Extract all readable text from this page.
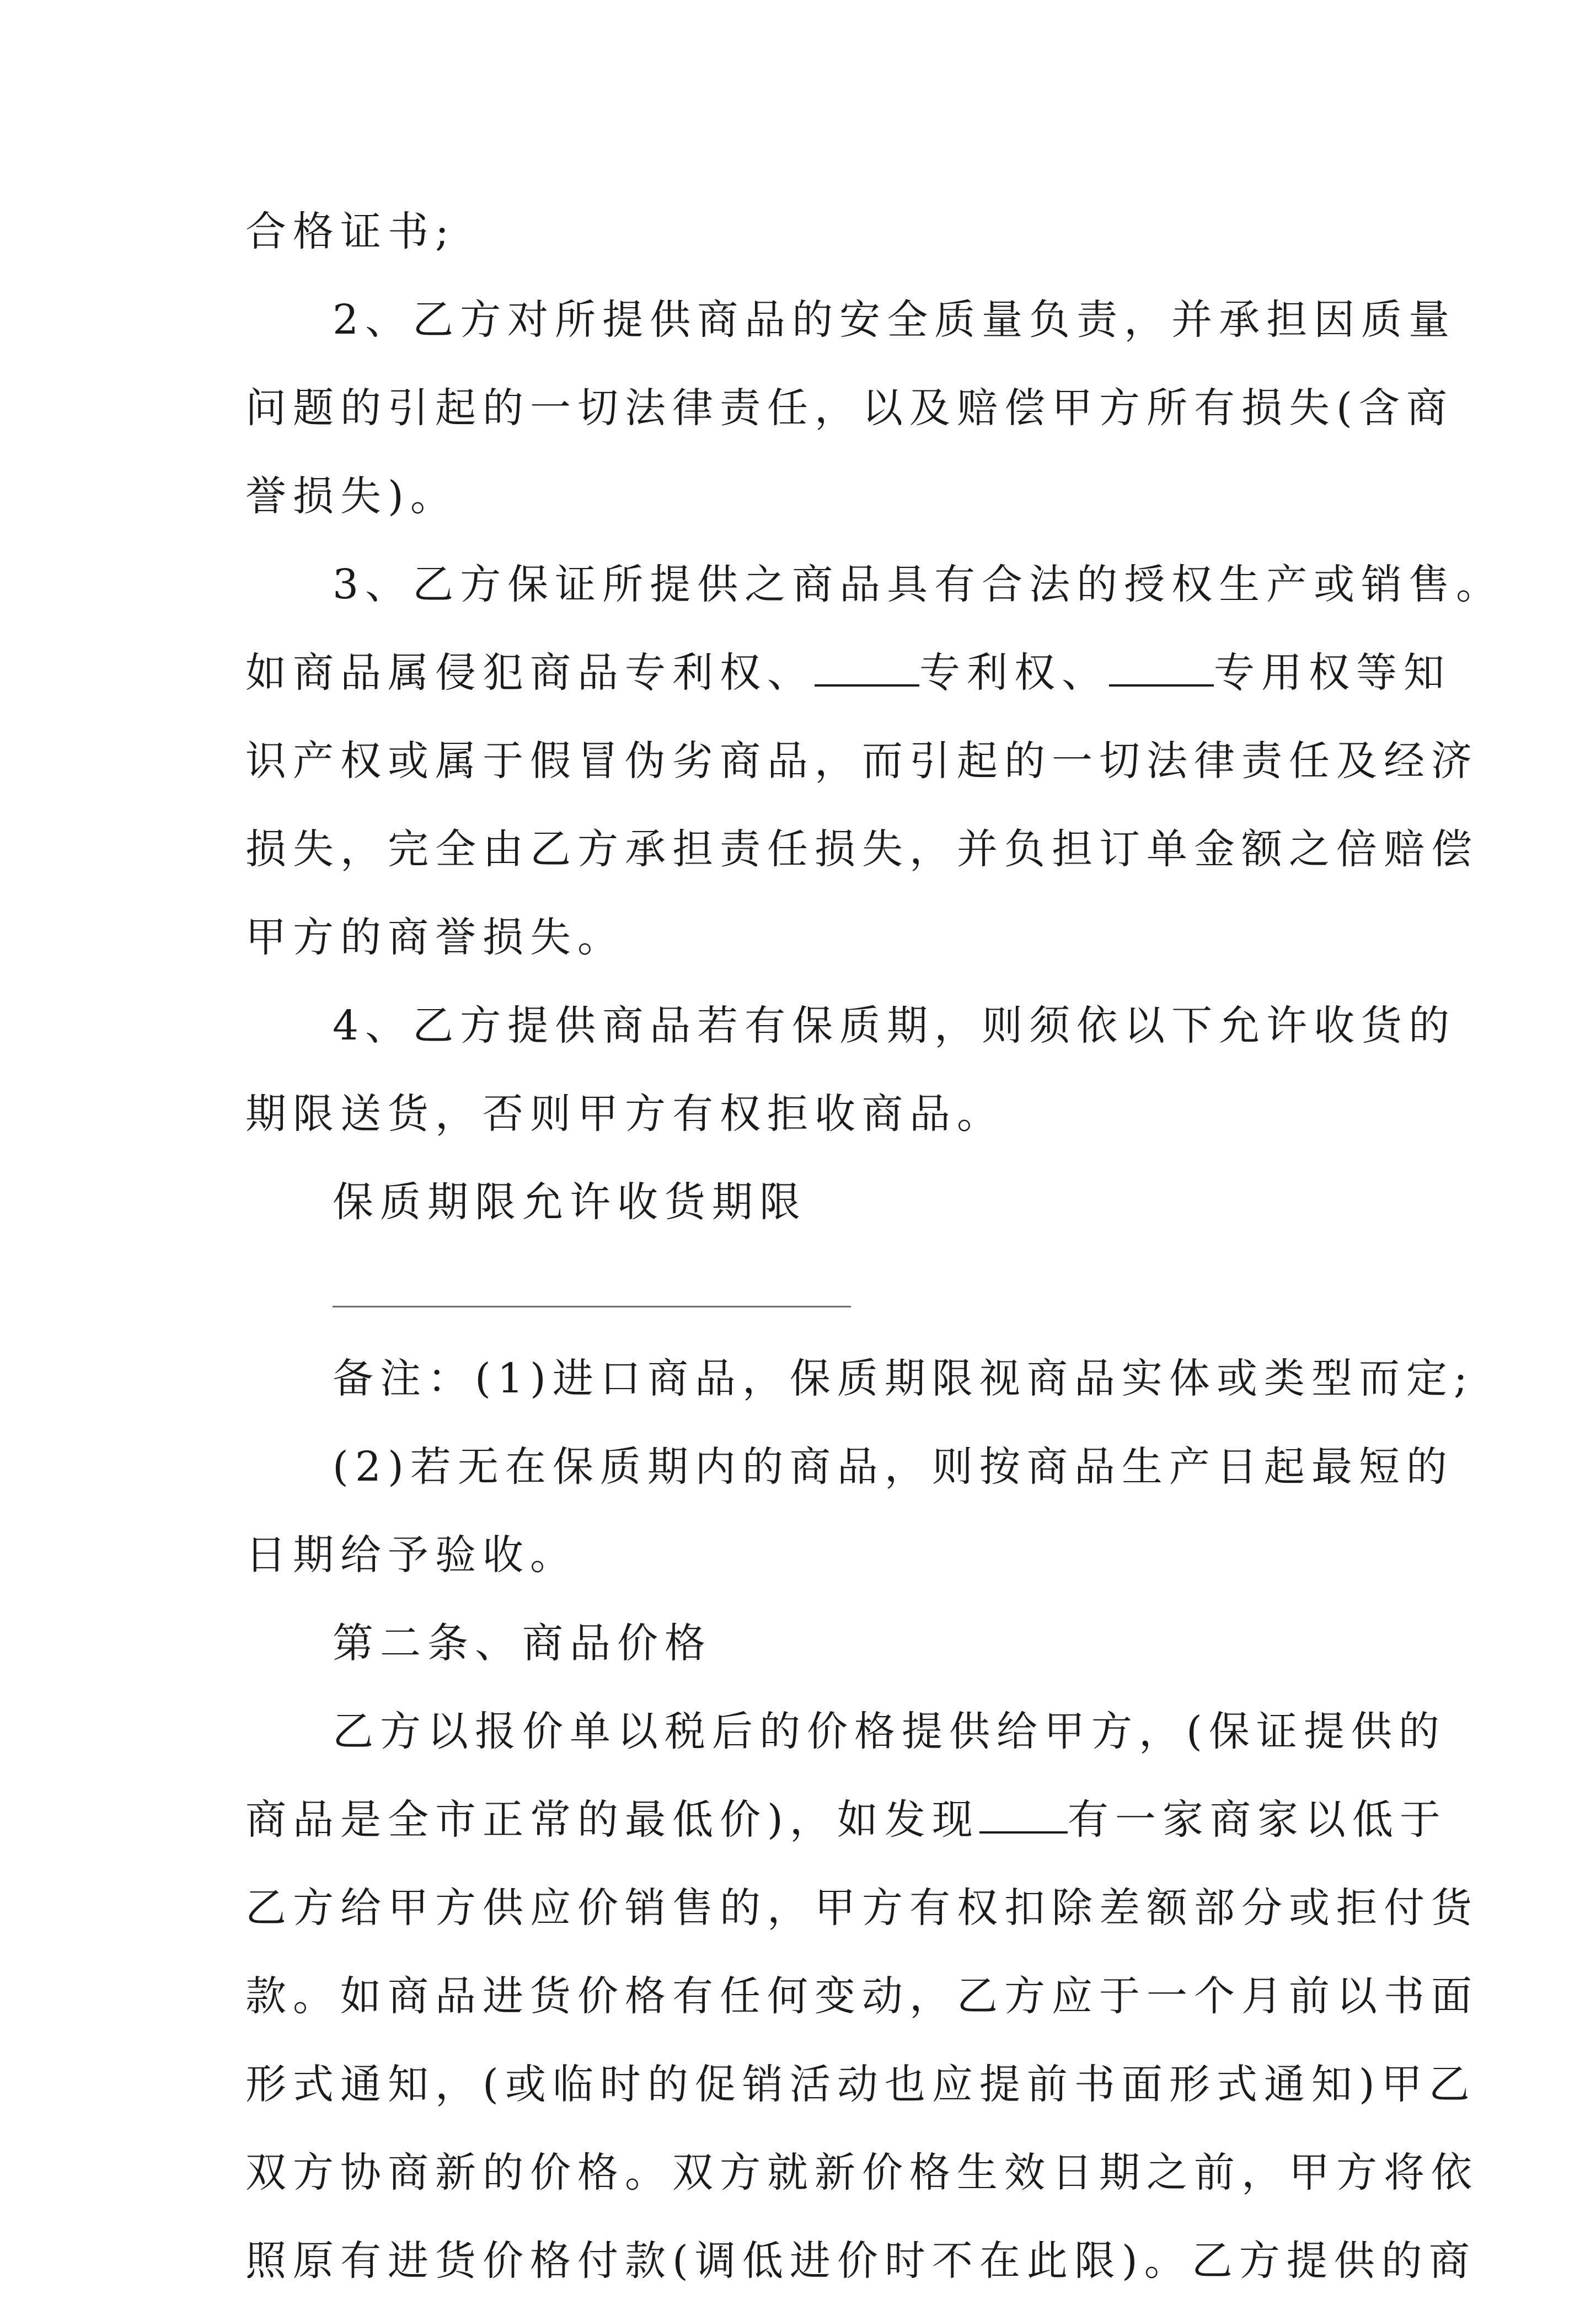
合格证书;

2、乙方对所提供商品的安全质量负责，并承担因质量

问题的引起的一切法律责任，以及赔偿甲方所有损失(含商

誉损失)。

3、乙方保证所提供之商品具有合法的授权生产或销售。

如商品属侵犯商品专利权、	专利权、	专用权等知

识产权或属于假冒伪劣商品，而引起的一切法律责任及经济

损失，完全由乙方承担责任损失，并负担订单金额之倍赔偿

甲方的商誉损失。

4、乙方提供商品若有保质期，则须依以下允许收货的

期限送货，否则甲方有权拒收商品。

保质期限允许收货期限

备注：(1)进口商品，保质期限视商品实体或类型而定;

(2)若无在保质期内的商品，则按商品生产日起最短的

日期给予验收。

第二条、商品价格

乙方以报价单以税后的价格提供给甲方，(保证提供的

商品是全市正常的最低价)，如发现 有一家商家以低于

乙方给甲方供应价销售的，甲方有权扣除差额部分或拒付货

款。如商品进货价格有任何变动，乙方应于一个月前以书面

形式通知，(或临时的促销活动也应提前书面形式通知)甲乙

双方协商新的价格。双方就新价格生效日期之前，甲方将依

照原有进货价格付款(调低进价时不在此限)。乙方提供的商
